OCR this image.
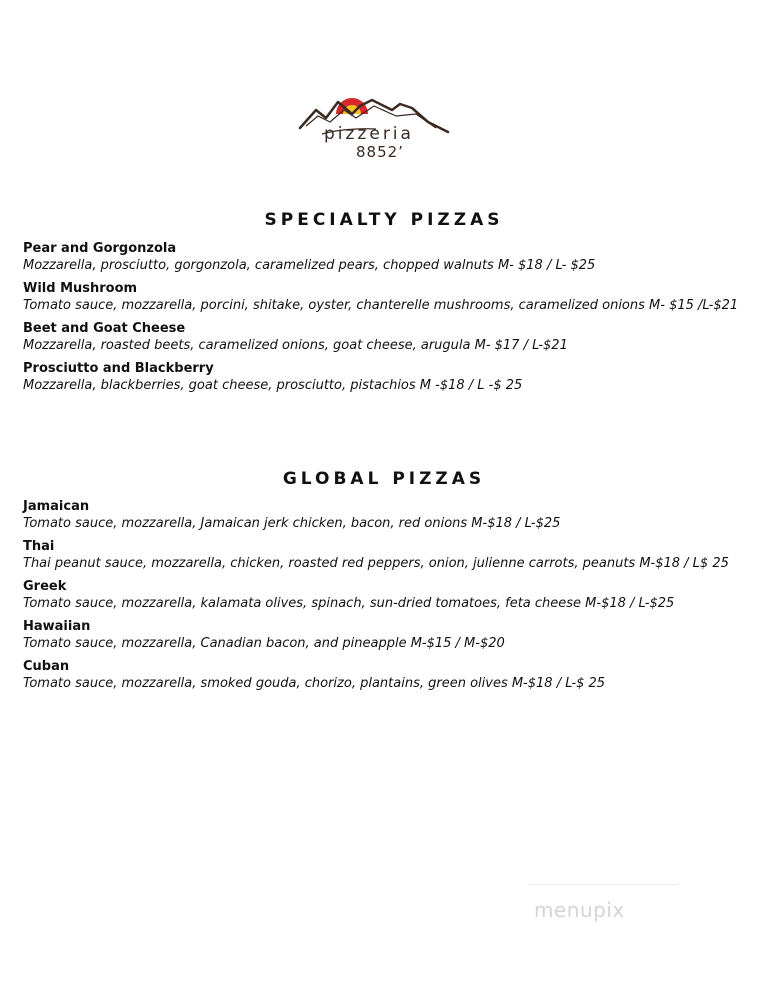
pizzeria
8852’
SPECIALTY PIZZAS
Pear and Gorgonzola
Mozzarella, prosciutto, gorgonzola, caramelized pears, chopped walnuts M- $18 / L- $25
Wild Mushroom
Tomato sauce, mozzarella, porcini, shitake, oyster, chanterelle mushrooms, caramelized onions M- $15 /L-$21
Beet and Goat Cheese
Mozzarella, roasted beets, caramelized onions, goat cheese, arugula M- $17 / L-$21
Prosciutto and Blackberry
Mozzarella, blackberries, goat cheese, prosciutto, pistachios M -$18 / L -$ 25
GLOBAL PIZZAS
Jamaican
Tomato sauce, mozzarella, Jamaican jerk chicken, bacon, red onions M-$18 / L-$25
Thai
Thai peanut sauce, mozzarella, chicken, roasted red peppers, onion, julienne carrots, peanuts M-$18 / L$ 25
Greek
Tomato sauce, mozzarella, kalamata olives, spinach, sun-dried tomatoes, feta cheese M-$18 / L-$25
Hawaiian
Tomato sauce, mozzarella, Canadian bacon, and pineapple M-$15 / M-$20
Cuban
Tomato sauce, mozzarella, smoked gouda, chorizo, plantains, green olives M-$18 / L-$ 25
menupix
